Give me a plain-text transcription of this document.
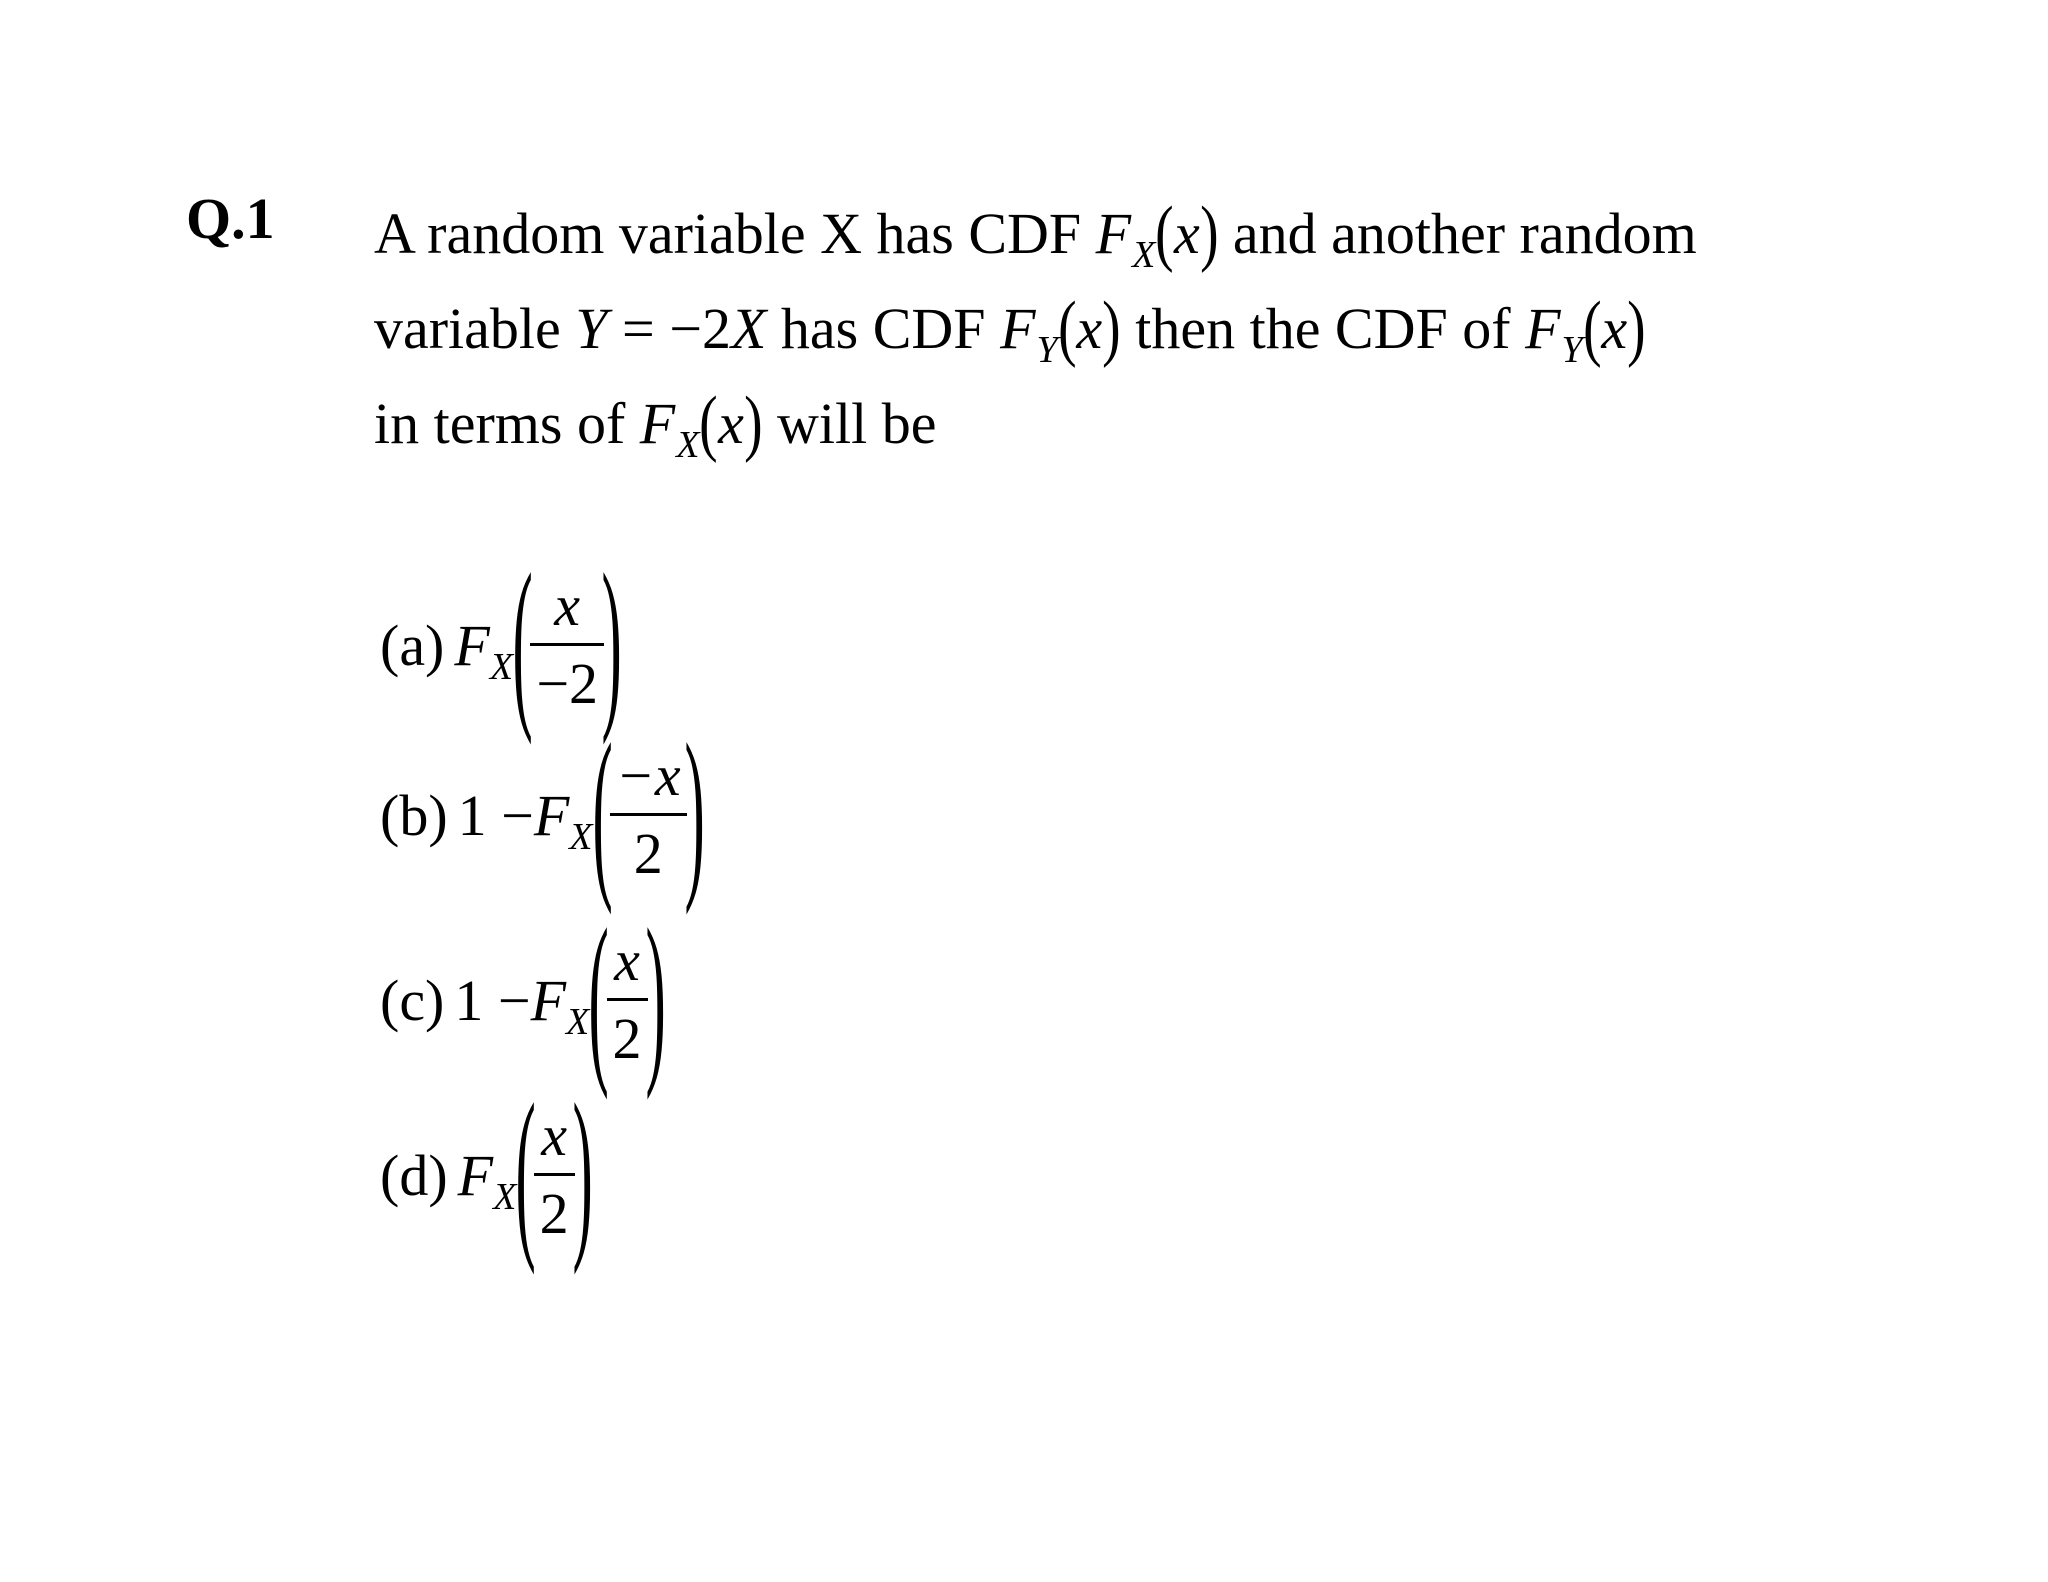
Q.1 A random variable X has CDF $F_X(x)$ and another random
variable Y = −2X has CDF $F_Y(x)$ then the CDF of $F_Y(x)$
in terms of $F_X(x)$ will be
(a) F X (
$\frac{x}{-2}$
)
(b) 1 − F X (
$\frac{-x}{2}$
)
(c) 1 − F X (
$\frac{x}{2}$
)
(d) F X (
$\frac{x}{2}$
)
